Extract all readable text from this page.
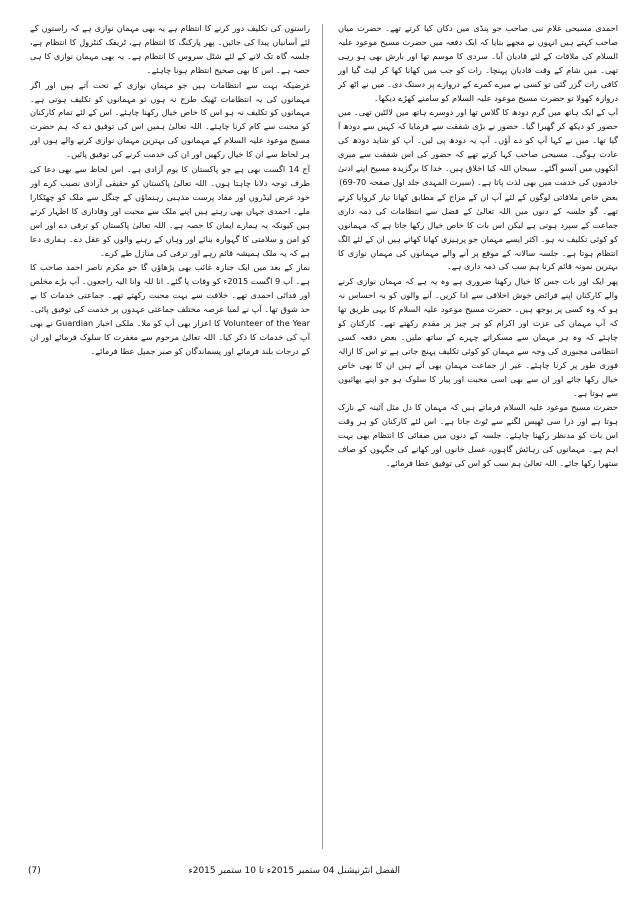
احمدی مسیحی غلام نبی صاحب جو پنڈی میں دکان کیا کرتے تھے۔ حضرت میاں صاحب کہتے ہیں انہوں نے مجھے بتایا کہ ایک دفعہ میں حضرت مسیح موعود علیہ السلام کی ملاقات کے لئے قادیان آیا۔ سردی کا موسم تھا اور بارش بھی ہو رہی تھی۔ میں شام کے وقت قادیان پہنچا۔ رات کو جب میں کھانا کھا کر لیٹ گیا اور کافی رات گزر گئی تو کسی نے میرے کمرے کے دروازے پر دستک دی۔ میں نے اٹھ کر دروازہ کھولا تو حضرت مسیح موعود علیہ السلام کو سامنے کھڑے دیکھا۔

آپ کے ایک ہاتھ میں گرم دودھ کا گلاس تھا اور دوسرے ہاتھ میں لالٹین تھی۔ میں حضور کو دیکھ کر گھبرا گیا۔ حضور نے بڑی شفقت سے فرمایا کہ کہیں سے دودھ آ گیا تھا۔ میں نے کہا آپ کو دے آؤں۔ آپ یہ دودھ پی لیں۔ آپ کو شاید دودھ کی عادت ہوگی۔ مسیحی صاحب کہا کرتے تھے کہ حضور کی اس شفقت سے میری آنکھوں میں آنسو آگئے۔ سبحان اللہ کیا اخلاق ہیں۔ خدا کا برگزیدہ مسیح اپنے ادنیٰ خادموں کی خدمت میں بھی لذت پاتا ہے۔ (سیرت المہدی جلد اول صفحہ 70-69)

بعض خاص ملاقاتی لوگوں کے لئے آپ ان کے مزاج کے مطابق کھانا تیار کروایا کرتے تھے۔ گو جلسہ کے دنوں میں اللہ تعالیٰ کے فضل سے انتظامات کی ذمہ داری جماعت کے سپرد ہوتی ہے لیکن اس بات کا خاص خیال رکھا جاتا ہے کہ مہمانوں کو کوئی تکلیف نہ ہو۔ اکثر ایسے مہمان جو پرہیزی کھانا کھاتے ہیں ان کے لئے الگ انتظام ہوتا ہے۔ جلسہ سالانہ کے موقع پر آنے والے مہمانوں کی مہمان نوازی کا بہترین نمونہ قائم کرنا ہم سب کی ذمہ داری ہے۔

پھر ایک اور بات جس کا خیال رکھنا ضروری ہے وہ یہ ہے کہ مہمان نوازی کرنے والے کارکنان اپنے فرائض خوش اخلاقی سے ادا کریں۔ آنے والوں کو یہ احساس نہ ہو کہ وہ کسی پر بوجھ ہیں۔ حضرت مسیح موعود علیہ السلام کا یہی طریق تھا کہ آپ مہمان کی عزت اور اکرام کو ہر چیز پر مقدم رکھتے تھے۔ کارکنان کو چاہئے کہ وہ ہر مہمان سے مسکراتے چہرے کے ساتھ ملیں۔ بعض دفعہ کسی انتظامی مجبوری کی وجہ سے مہمان کو کوئی تکلیف پہنچ جاتی ہے تو اس کا ازالہ فوری طور پر کرنا چاہئے۔ غیر از جماعت مہمان بھی آتے ہیں ان کا بھی خاص خیال رکھا جائے اور ان سے بھی اسی محبت اور پیار کا سلوک ہو جو اپنے بھائیوں سے ہوتا ہے۔

حضرت مسیح موعود علیہ السلام فرماتے ہیں کہ مہمان کا دل مثل آئینہ کے نازک ہوتا ہے اور ذرا سی ٹھیس لگنے سے ٹوٹ جاتا ہے۔ اس لئے کارکنان کو ہر وقت اس بات کو مدنظر رکھنا چاہئے۔ جلسہ کے دنوں میں صفائی کا انتظام بھی بہت اہم ہے۔ مہمانوں کی رہائش گاہوں، غسل خانوں اور کھانے کی جگہوں کو صاف ستھرا رکھا جائے۔ اللہ تعالیٰ ہم سب کو اس کی توفیق عطا فرمائے۔

راستوں کی تکلیف دور کرنے کا انتظام ہے یہ بھی مہمان نوازی ہے کہ راستوں کے لئے آسانیاں پیدا کی جائیں۔ پھر پارکنگ کا انتظام ہے، ٹریفک کنٹرول کا انتظام ہے، جلسہ گاہ تک لانے کے لئے شٹل سروس کا انتظام ہے۔ یہ بھی مہمان نوازی کا ہی حصہ ہے۔ اس کا بھی صحیح انتظام ہونا چاہئے۔

غرضیکہ بہت سے انتظامات ہیں جو مہمان نوازی کے تحت آتے ہیں اور اگر مہمانوں کی یہ انتظامات ٹھیک طرح نہ ہوں تو مہمانوں کو تکلیف ہوتی ہے۔ مہمانوں کو تکلیف نہ ہو اس کا خاص خیال رکھنا چاہئے۔ اس کے لئے تمام کارکنان کو محنت سے کام کرنا چاہئے۔ اللہ تعالیٰ ہمیں اس کی توفیق دے کہ ہم حضرت مسیح موعود علیہ السلام کے مہمانوں کی بہترین مہمان نوازی کرنے والے ہوں اور ہر لحاظ سے ان کا خیال رکھیں اور ان کی خدمت کرنے کی توفیق پائیں۔

آج 14 اگست بھی ہے جو پاکستان کا یوم آزادی ہے۔ اس لحاظ سے بھی دعا کی طرف توجہ دلانا چاہتا ہوں۔ اللہ تعالیٰ پاکستان کو حقیقی آزادی نصیب کرے اور خود غرض لیڈروں اور مفاد پرست مذہبی رہنماؤں کے چنگل سے ملک کو چھٹکارا ملے۔ احمدی جہاں بھی رہتے ہیں اپنے ملک سے محبت اور وفاداری کا اظہار کرتے ہیں کیونکہ یہ ہمارے ایمان کا حصہ ہے۔ اللہ تعالیٰ پاکستان کو ترقی دے اور اس کو امن و سلامتی کا گہوارہ بنائے اور وہاں کے رہنے والوں کو عقل دے۔ ہماری دعا ہے کہ یہ ملک ہمیشہ قائم رہے اور ترقی کی منازل طے کرے۔

نماز کے بعد میں ایک جنازہ غائب بھی پڑھاؤں گا جو مکرم ناصر احمد صاحب کا ہے۔ آپ 9 اگست 2015ء کو وفات پا گئے۔ انا للہ وانا الیہ راجعون۔ آپ بڑے مخلص اور فدائی احمدی تھے۔ خلافت سے بہت محبت رکھتے تھے۔ جماعتی خدمات کا بے حد شوق تھا۔ آپ نے لمبا عرصہ مختلف جماعتی عہدوں پر خدمت کی توفیق پائی۔ Volunteer of the Year کا اعزاز بھی آپ کو ملا۔ ملکی اخبار Guardian نے بھی آپ کی خدمات کا ذکر کیا۔ اللہ تعالیٰ مرحوم سے مغفرت کا سلوک فرمائے اور ان کے درجات بلند فرمائے اور پسماندگان کو صبر جمیل عطا فرمائے۔

الفضل انٹرنیشنل 04 ستمبر 2015ء تا 10 ستمبر 2015ء
(7)
